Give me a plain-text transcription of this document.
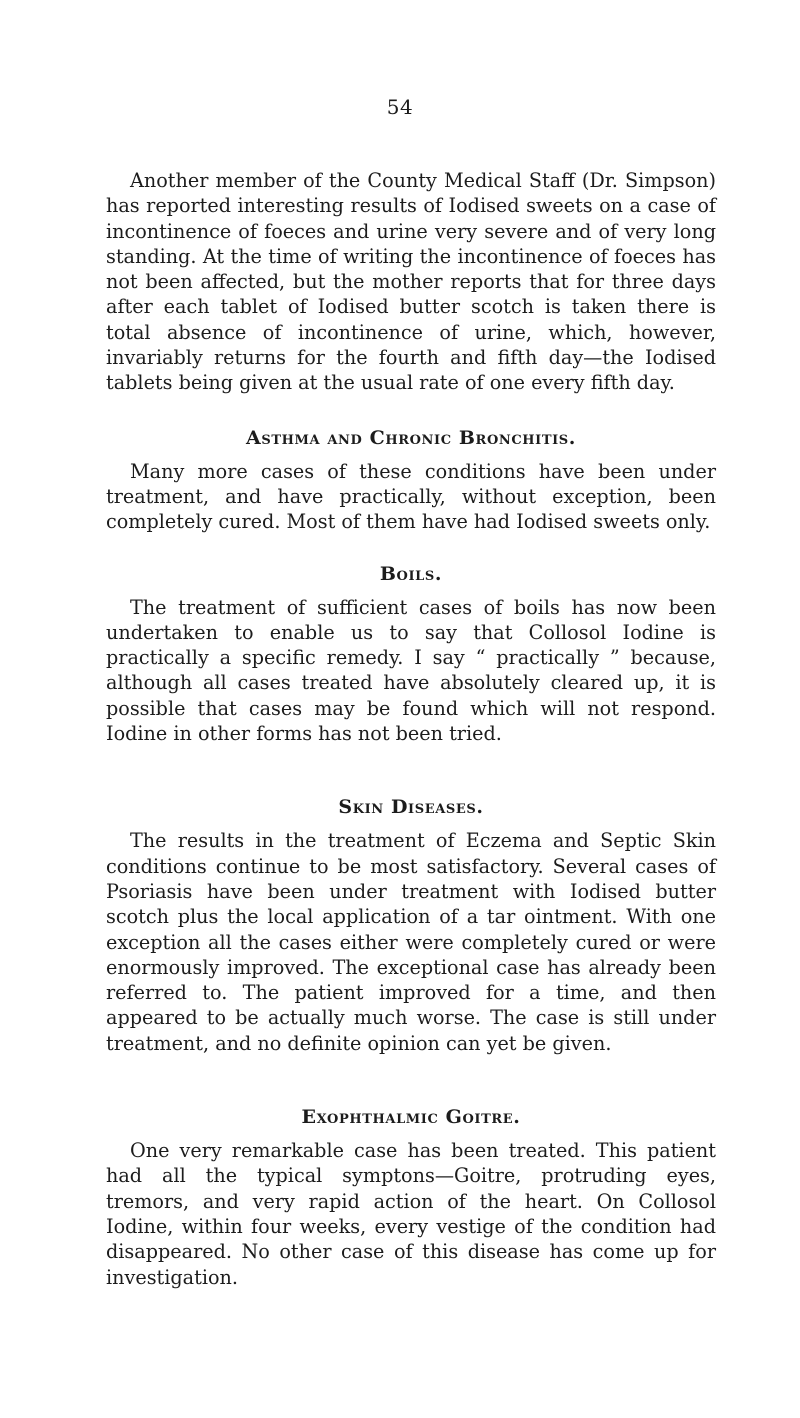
54

Another member of the County Medical Staff (Dr. Simpson) has reported interesting results of Iodised sweets on a case of incontinence of foeces and urine very severe and of very long standing. At the time of writing the incontinence of foeces has not been affected, but the mother reports that for three days after each tablet of Iodised butter scotch is taken there is total absence of incontinence of urine, which, however, invariably returns for the fourth and fifth day—the Iodised tablets being given at the usual rate of one every fifth day.

Asthma and Chronic Bronchitis.

Many more cases of these conditions have been under treatment, and have practically, without exception, been completely cured. Most of them have had Iodised sweets only.

Boils.

The treatment of sufficient cases of boils has now been undertaken to enable us to say that Collosol Iodine is practically a specific remedy. I say “ practically ” because, although all cases treated have absolutely cleared up, it is possible that cases may be found which will not respond. Iodine in other forms has not been tried.

Skin Diseases.

The results in the treatment of Eczema and Septic Skin conditions continue to be most satisfactory. Several cases of Psoriasis have been under treatment with Iodised butter scotch plus the local application of a tar ointment. With one exception all the cases either were completely cured or were enormously improved. The exceptional case has already been referred to. The patient improved for a time, and then appeared to be actually much worse. The case is still under treatment, and no definite opinion can yet be given.

Exophthalmic Goitre.

One very remarkable case has been treated. This patient had all the typical symptons—Goitre, protruding eyes, tremors, and very rapid action of the heart. On Collosol Iodine, within four weeks, every vestige of the condition had disappeared. No other case of this disease has come up for investigation.
